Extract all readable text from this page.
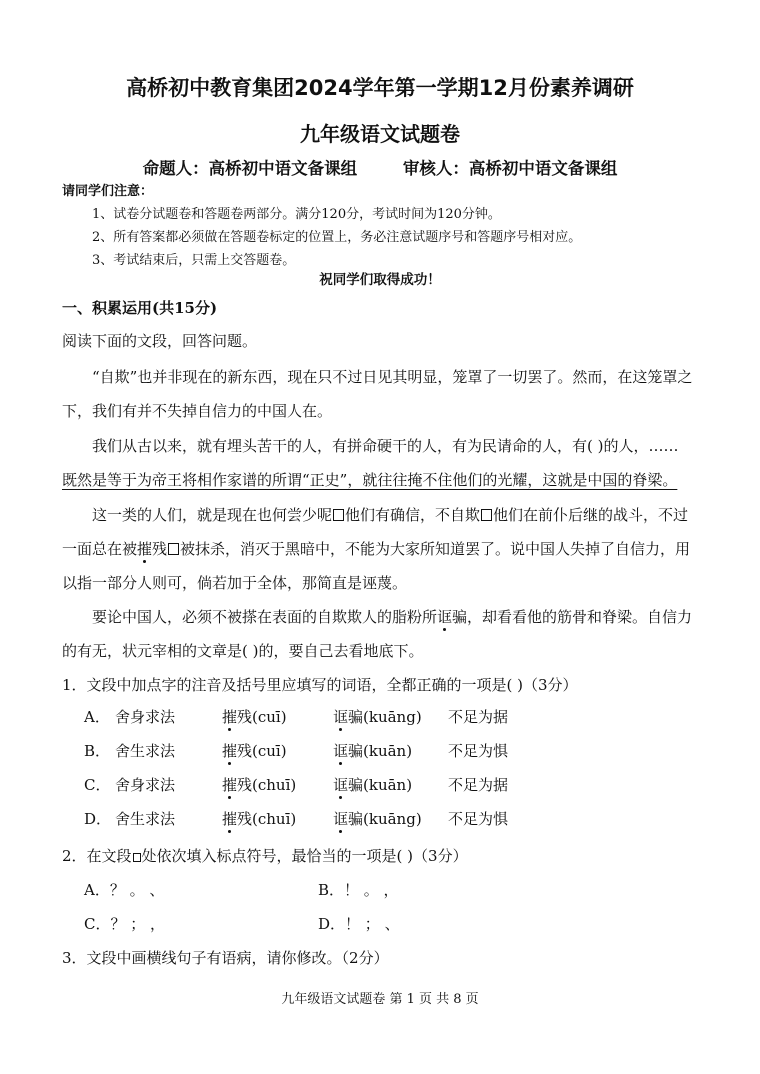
高桥初中教育集团2024学年第一学期12月份素养调研
九年级语文试题卷
命题人：高桥初中语文备课组	审核人：高桥初中语文备课组
请同学们注意：
1、试卷分试题卷和答题卷两部分。满分120分，考试时间为120分钟。
2、所有答案都必须做在答题卷标定的位置上，务必注意试题序号和答题序号相对应。
3、考试结束后，只需上交答题卷。
祝同学们取得成功！
一、积累运用(共15分)
阅读下面的文段，回答问题。
“自欺”也并非现在的新东西，现在只不过日见其明显，笼罩了一切罢了。然而，在这笼罩之
下，我们有并不失掉自信力的中国人在。
我们从古以来，就有埋头苦干的人，有拼命硬干的人，有为民请命的人，有( )的人，……
既然是等于为帝王将相作家谱的所谓“正史”，就往往掩不住他们的光耀，这就是中国的脊梁。
这一类的人们，就是现在也何尝少呢 他们有确信，不自欺 他们在前仆后继的战斗，不过
一面总在被摧残 被抹杀，消灭于黑暗中，不能为大家所知道罢了。说中国人失掉了自信力，用
以指一部分人则可，倘若加于全体，那简直是诬蔑。
要论中国人，必须不被搽在表面的自欺欺人的脂粉所诓骗，却看看他的筋骨和脊梁。自信力
的有无，状元宰相的文章是( )的，要自己去看地底下。
1．文段中加点字的注音及括号里应填写的词语，全都正确的一项是( )（3分）
A． 舍身求法	摧残(cuī)	诓骗(kuāng) 不足为据
B． 舍生求法	摧残(cuī)	诓骗(kuān) 不足为惧
C． 舍身求法	摧残(chuī) 诓骗(kuān) 不足为据
D． 舍生求法	摧残(chuī) 诓骗(kuāng) 不足为惧
2．在文段 处依次填入标点符号，最恰当的一项是( )（3分）
A．？ 。 、	B．！ 。 ，
C．？ ； ，	D．！ ； 、
3．文段中画横线句子有语病，请你修改。（2分）
九年级语文试题卷 第 1 页 共 8 页
